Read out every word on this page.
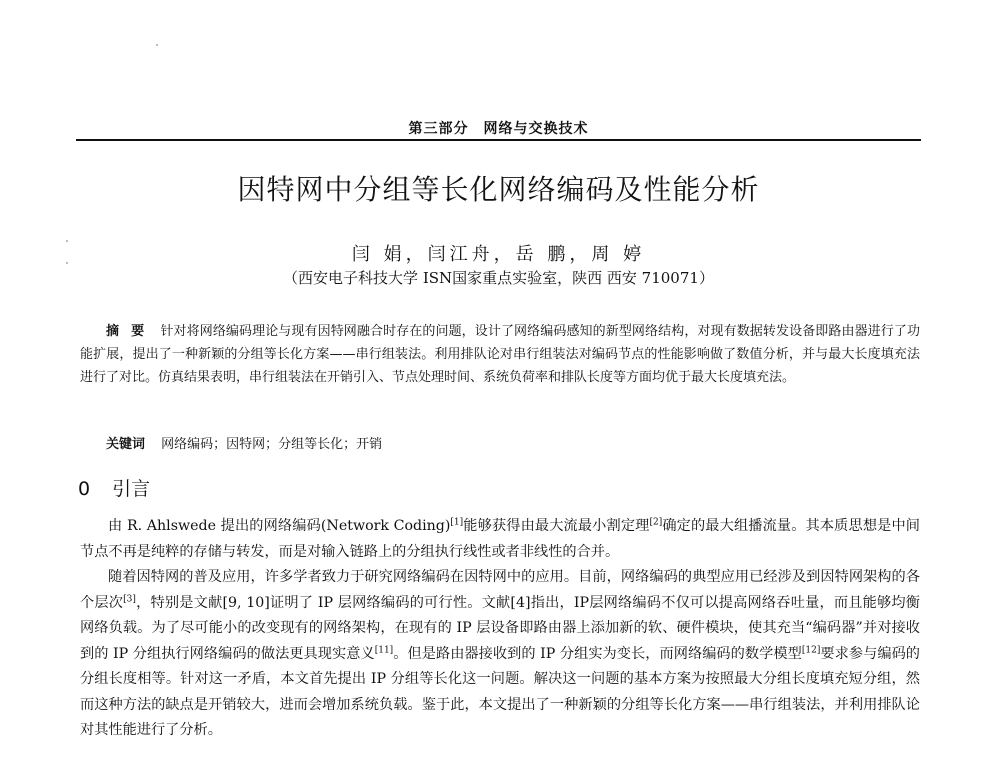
第三部分　网络与交换技术
因特网中分组等长化网络编码及性能分析
闫 娟，闫江舟，岳 鹏，周 婷
（西安电子科技大学 ISN国家重点实验室，陕西 西安 710071）
摘要 针对将网络编码理论与现有因特网融合时存在的问题，设计了网络编码感知的新型网络结构，对现有数据转发设备即路由器进行了功能扩展，提出了一种新颖的分组等长化方案——串行组装法。利用排队论对串行组装法对编码节点的性能影响做了数值分析，并与最大长度填充法进行了对比。仿真结果表明，串行组装法在开销引入、节点处理时间、系统负荷率和排队长度等方面均优于最大长度填充法。
关键词 网络编码；因特网；分组等长化；开销
0 引言

由 R. Ahlswede 提出的网络编码(Network Coding)[1]能够获得由最大流最小割定理[2]确定的最大组播流量。其本质思想是中间节点不再是纯粹的存储与转发，而是对输入链路上的分组执行线性或者非线性的合并。

随着因特网的普及应用，许多学者致力于研究网络编码在因特网中的应用。目前，网络编码的典型应用已经涉及到因特网架构的各个层次[3]，特别是文献[9, 10]证明了 IP 层网络编码的可行性。文献[4]指出，IP层网络编码不仅可以提高网络吞吐量，而且能够均衡网络负载。为了尽可能小的改变现有的网络架构，在现有的 IP 层设备即路由器上添加新的软、硬件模块，使其充当“编码器”并对接收到的 IP 分组执行网络编码的做法更具现实意义[11]。但是路由器接收到的 IP 分组实为变长，而网络编码的数学模型[12]要求参与编码的分组长度相等。针对这一矛盾，本文首先提出 IP 分组等长化这一问题。解决这一问题的基本方案为按照最大分组长度填充短分组，然而这种方法的缺点是开销较大，进而会增加系统负载。鉴于此，本文提出了一种新颖的分组等长化方案——串行组装法，并利用排队论对其性能进行了分析。
